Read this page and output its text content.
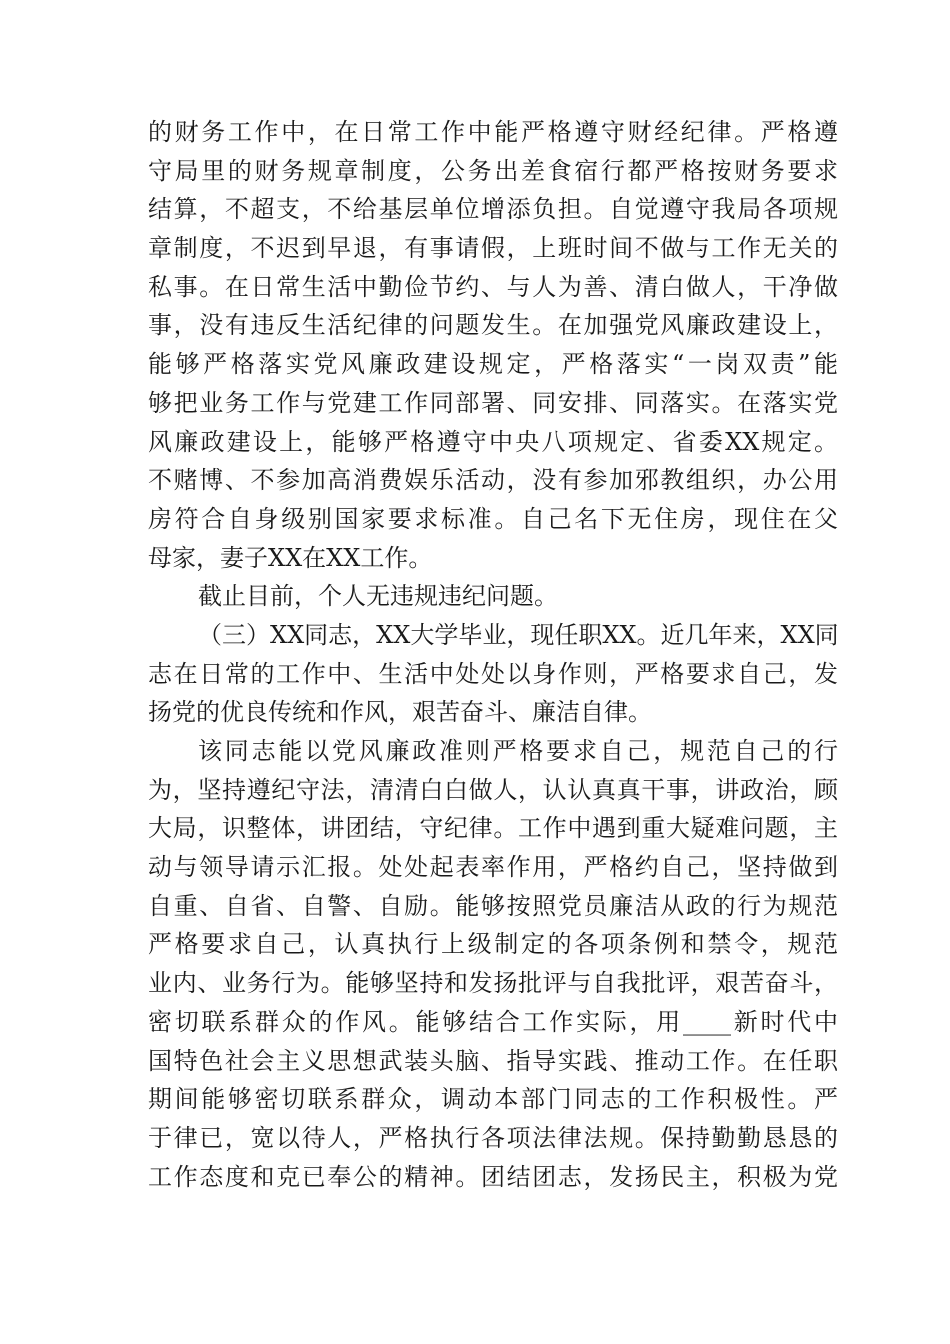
的财务工作中，在日常工作中能严格遵守财经纪律。严格遵
守局里的财务规章制度，公务出差食宿行都严格按财务要求
结算，不超支，不给基层单位增添负担。自觉遵守我局各项规
章制度，不迟到早退，有事请假，上班时间不做与工作无关的
私事。在日常生活中勤俭节约、与人为善、清白做人，干净做
事，没有违反生活纪律的问题发生。在加强党风廉政建设上，
能够严格落实党风廉政建设规定，严格落实“一岗双责”能
够把业务工作与党建工作同部署、同安排、同落实。在落实党
风廉政建设上，能够严格遵守中央八项规定、省委XX规定。
不赌博、不参加高消费娱乐活动，没有参加邪教组织，办公用
房符合自身级别国家要求标准。自己名下无住房，现住在父
母家，妻子XX在XX工作。
截止目前，个人无违规违纪问题。
（三）XX同志，XX大学毕业，现任职XX。近几年来，XX同
志在日常的工作中、生活中处处以身作则，严格要求自己，发
扬党的优良传统和作风，艰苦奋斗、廉洁自律。
该同志能以党风廉政准则严格要求自己，规范自己的行
为，坚持遵纪守法，清清白白做人，认认真真干事，讲政治，顾
大局，识整体，讲团结，守纪律。工作中遇到重大疑难问题，主
动与领导请示汇报。处处起表率作用，严格约自己，坚持做到
自重、自省、自警、自励。能够按照党员廉洁从政的行为规范
严格要求自己，认真执行上级制定的各项条例和禁令，规范
业内、业务行为。能够坚持和发扬批评与自我批评，艰苦奋斗，
密切联系群众的作风。能够结合工作实际，用____新时代中
国特色社会主义思想武装头脑、指导实践、推动工作。在任职
期间能够密切联系群众，调动本部门同志的工作积极性。严
于律已，宽以待人，严格执行各项法律法规。保持勤勤恳恳的
工作态度和克已奉公的精神。团结团志，发扬民主，积极为党
